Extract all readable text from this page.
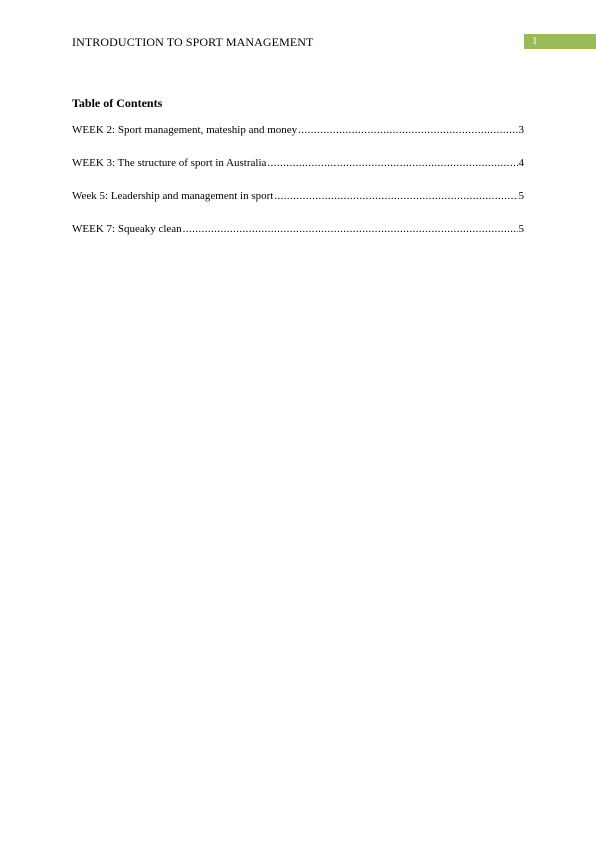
INTRODUCTION TO SPORT MANAGEMENT	1
Table of Contents
WEEK 2: Sport management, mateship and money .....	3
WEEK 3: The structure of sport in Australia .....	4
Week 5: Leadership and management in sport .....	5
WEEK 7: Squeaky clean .....	5
